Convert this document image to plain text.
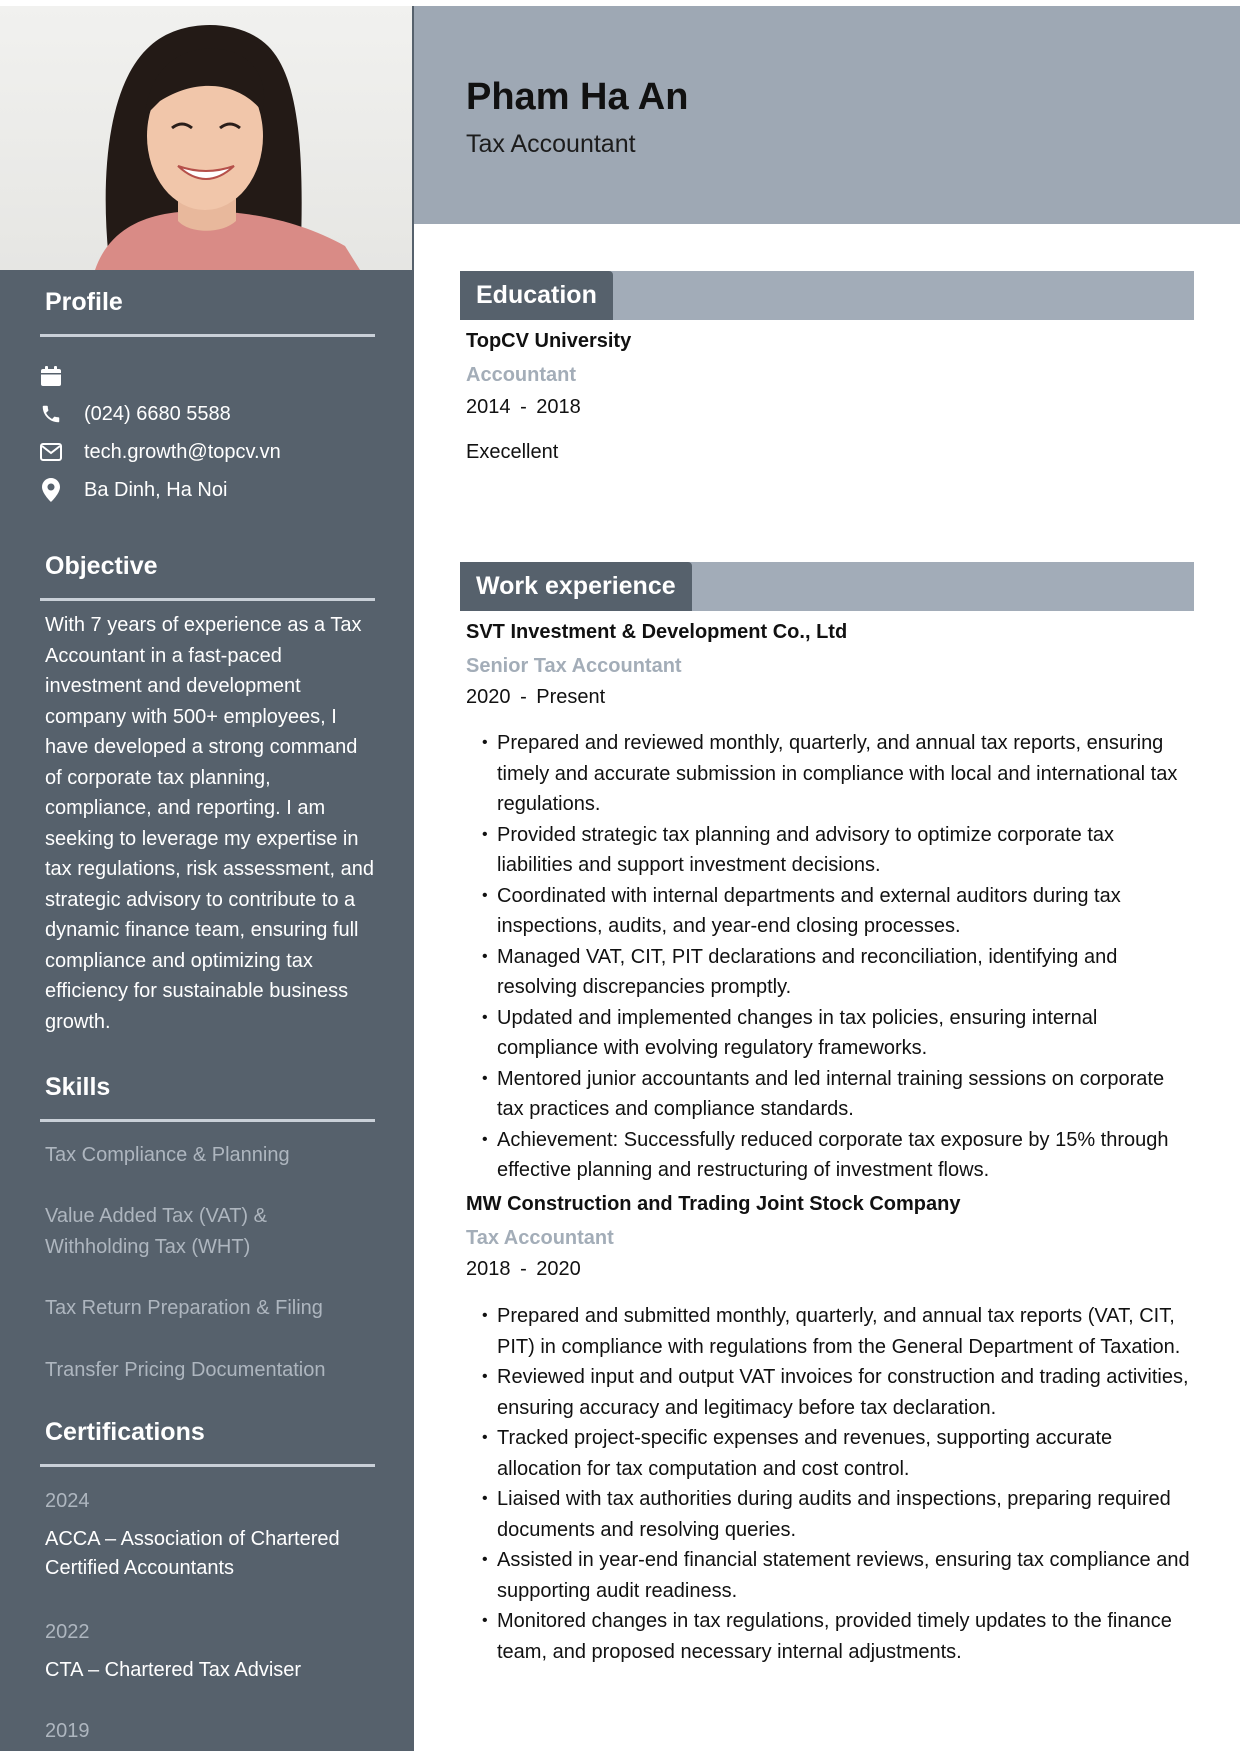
Profile
(024) 6680 5588
tech.growth@topcv.vn
Ba Dinh, Ha Noi
Objective
With 7 years of experience as a Tax Accountant in a fast-paced investment and development company with 500+ employees, I have developed a strong command of corporate tax planning, compliance, and reporting. I am seeking to leverage my expertise in tax regulations, risk assessment, and strategic advisory to contribute to a dynamic finance team, ensuring full compliance and optimizing tax efficiency for sustainable business growth.
Skills
Tax Compliance & Planning
Value Added Tax (VAT) & Withholding Tax (WHT)
Tax Return Preparation & Filing
Transfer Pricing Documentation
Certifications
2024
ACCA – Association of Chartered Certified Accountants
2022
CTA – Chartered Tax Adviser
2019
Pham Ha An
Tax Accountant
Education
TopCV University
Accountant
2014 - 2018
Execellent
Work experience
SVT Investment & Development Co., Ltd
Senior Tax Accountant
2020 - Present
• Prepared and reviewed monthly, quarterly, and annual tax reports, ensuring timely and accurate submission in compliance with local and international tax regulations.
• Provided strategic tax planning and advisory to optimize corporate tax liabilities and support investment decisions.
• Coordinated with internal departments and external auditors during tax inspections, audits, and year-end closing processes.
• Managed VAT, CIT, PIT declarations and reconciliation, identifying and resolving discrepancies promptly.
• Updated and implemented changes in tax policies, ensuring internal compliance with evolving regulatory frameworks.
• Mentored junior accountants and led internal training sessions on corporate tax practices and compliance standards.
• Achievement: Successfully reduced corporate tax exposure by 15% through effective planning and restructuring of investment flows.
MW Construction and Trading Joint Stock Company
Tax Accountant
2018 - 2020
• Prepared and submitted monthly, quarterly, and annual tax reports (VAT, CIT, PIT) in compliance with regulations from the General Department of Taxation.
• Reviewed input and output VAT invoices for construction and trading activities, ensuring accuracy and legitimacy before tax declaration.
• Tracked project-specific expenses and revenues, supporting accurate allocation for tax computation and cost control.
• Liaised with tax authorities during audits and inspections, preparing required documents and resolving queries.
• Assisted in year-end financial statement reviews, ensuring tax compliance and supporting audit readiness.
• Monitored changes in tax regulations, provided timely updates to the finance team, and proposed necessary internal adjustments.
